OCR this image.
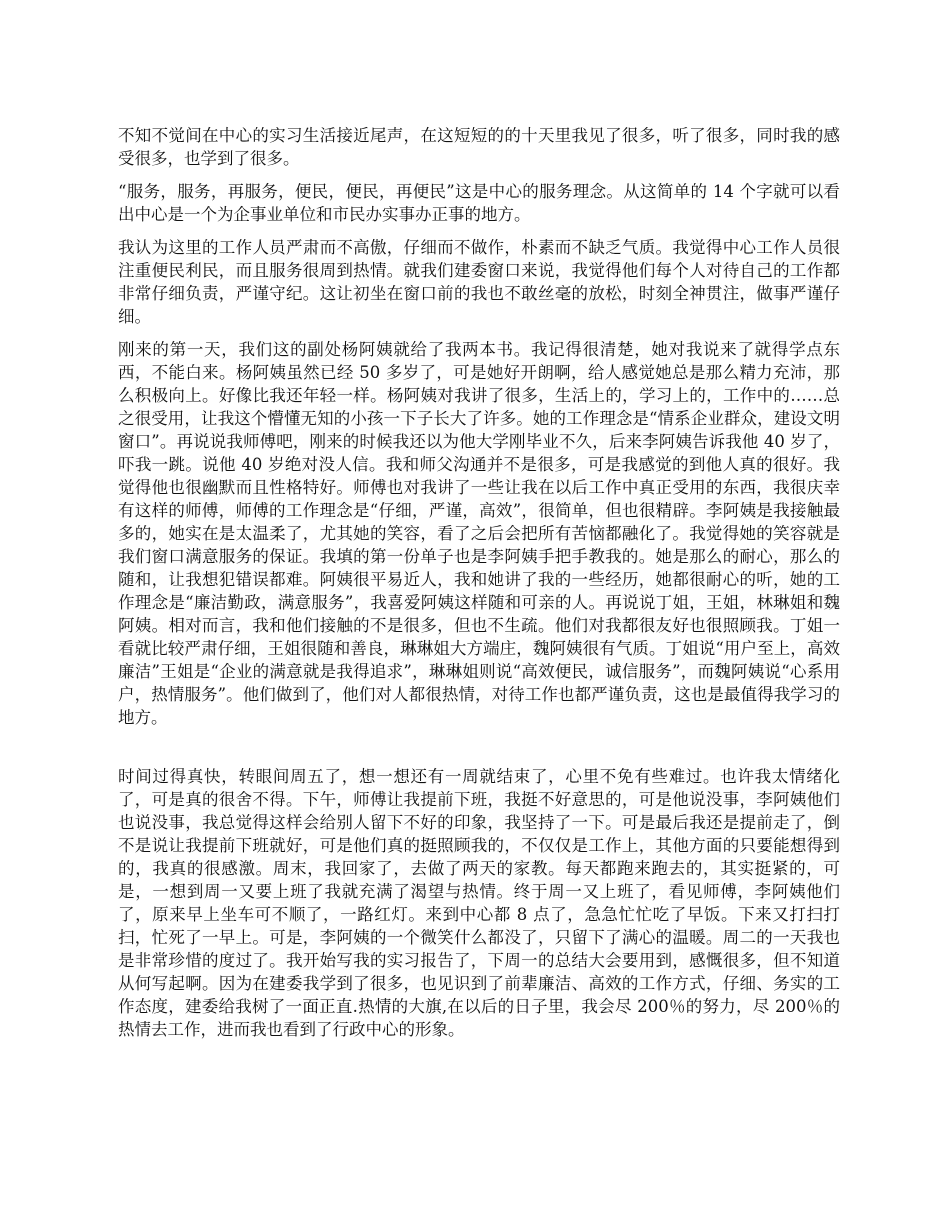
不知不觉间在中心的实习生活接近尾声，在这短短的的十天里我见了很多，听了很多，同时我的感受很多，也学到了很多。

“服务，服务，再服务，便民，便民，再便民”这是中心的服务理念。从这简单的 14 个字就可以看出中心是一个为企事业单位和市民办实事办正事的地方。

我认为这里的工作人员严肃而不高傲，仔细而不做作，朴素而不缺乏气质。我觉得中心工作人员很注重便民利民，而且服务很周到热情。就我们建委窗口来说，我觉得他们每个人对待自己的工作都非常仔细负责，严谨守纪。这让初坐在窗口前的我也不敢丝毫的放松，时刻全神贯注，做事严谨仔细。

刚来的第一天，我们这的副处杨阿姨就给了我两本书。我记得很清楚，她对我说来了就得学点东西，不能白来。杨阿姨虽然已经 50 多岁了，可是她好开朗啊，给人感觉她总是那么精力充沛，那么积极向上。好像比我还年轻一样。杨阿姨对我讲了很多，生活上的，学习上的，工作中的……总之很受用，让我这个懵懂无知的小孩一下子长大了许多。她的工作理念是“情系企业群众，建设文明窗口”。再说说我师傅吧，刚来的时候我还以为他大学刚毕业不久，后来李阿姨告诉我他 40 岁了，吓我一跳。说他 40 岁绝对没人信。我和师父沟通并不是很多，可是我感觉的到他人真的很好。我觉得他也很幽默而且性格特好。师傅也对我讲了一些让我在以后工作中真正受用的东西，我很庆幸有这样的师傅，师傅的工作理念是“仔细，严谨，高效”，很简单，但也很精辟。李阿姨是我接触最多的，她实在是太温柔了，尤其她的笑容，看了之后会把所有苦恼都融化了。我觉得她的笑容就是我们窗口满意服务的保证。我填的第一份单子也是李阿姨手把手教我的。她是那么的耐心，那么的随和，让我想犯错误都难。阿姨很平易近人，我和她讲了我的一些经历，她都很耐心的听，她的工作理念是“廉洁勤政，满意服务”，我喜爱阿姨这样随和可亲的人。再说说丁姐，王姐，林琳姐和魏阿姨。相对而言，我和他们接触的不是很多，但也不生疏。他们对我都很友好也很照顾我。丁姐一看就比较严肃仔细，王姐很随和善良，琳琳姐大方端庄，魏阿姨很有气质。丁姐说“用户至上，高效廉洁”王姐是“企业的满意就是我得追求”，琳琳姐则说“高效便民，诚信服务”，而魏阿姨说“心系用户，热情服务”。他们做到了，他们对人都很热情，对待工作也都严谨负责，这也是最值得我学习的地方。

时间过得真快，转眼间周五了，想一想还有一周就结束了，心里不免有些难过。也许我太情绪化了，可是真的很舍不得。下午，师傅让我提前下班，我挺不好意思的，可是他说没事，李阿姨他们也说没事，我总觉得这样会给别人留下不好的印象，我坚持了一下。可是最后我还是提前走了，倒不是说让我提前下班就好，可是他们真的挺照顾我的，不仅仅是工作上，其他方面的只要能想得到的，我真的很感激。周末，我回家了，去做了两天的家教。每天都跑来跑去的，其实挺紧的，可是，一想到周一又要上班了我就充满了渴望与热情。终于周一又上班了，看见师傅，李阿姨他们了，原来早上坐车可不顺了，一路红灯。来到中心都 8 点了，急急忙忙吃了早饭。下来又打扫打扫，忙死了一早上。可是，李阿姨的一个微笑什么都没了，只留下了满心的温暖。周二的一天我也是非常珍惜的度过了。我开始写我的实习报告了，下周一的总结大会要用到，感慨很多，但不知道从何写起啊。因为在建委我学到了很多，也见识到了前辈廉洁、高效的工作方式，仔细、务实的工作态度，建委给我树了一面正直.热情的大旗,在以后的日子里，我会尽 200％的努力，尽 200％的热情去工作，进而我也看到了行政中心的形象。
